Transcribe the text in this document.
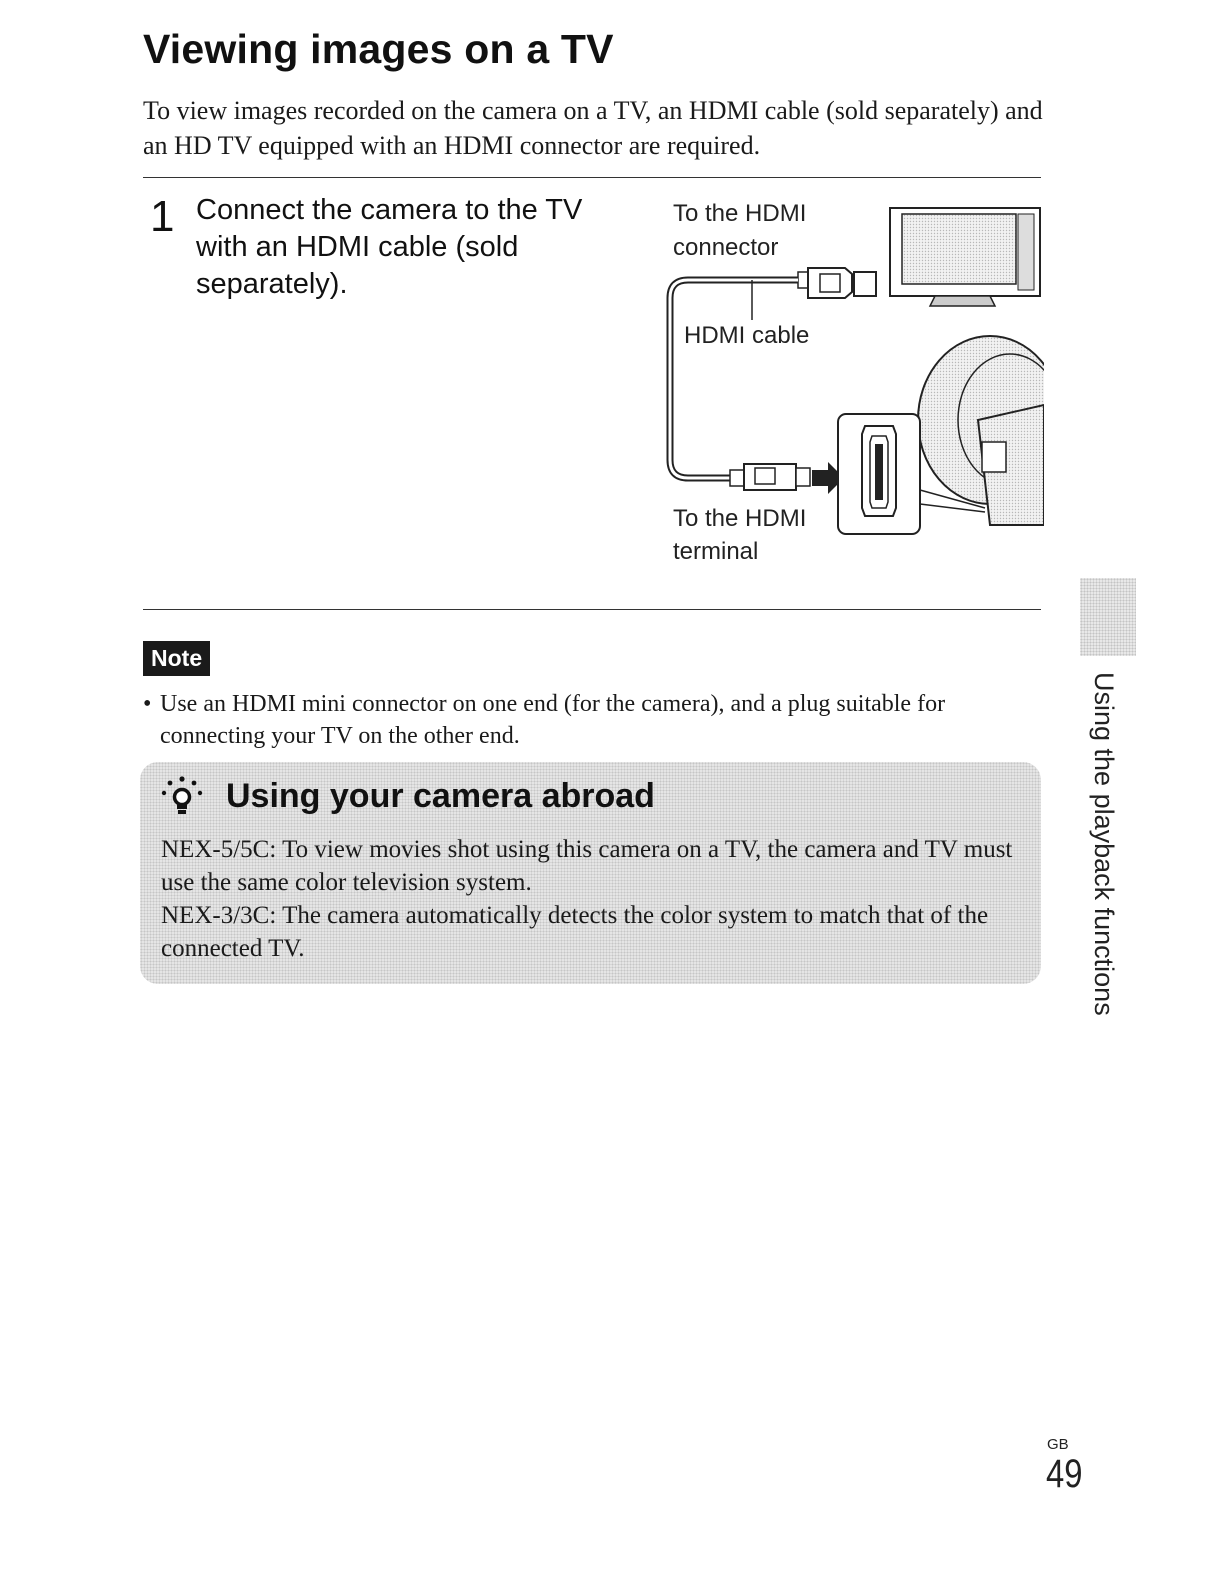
Viewing images on a TV

To view images recorded on the camera on a TV, an HDMI cable (sold separately) and an HD TV equipped with an HDMI connector are required.

1 Connect the camera to the TV with an HDMI cable (sold separately).

To the HDMI

connector

HDMI cable

To the HDMI

terminal

Note
• Use an HDMI mini connector on one end (for the camera), and a plug suitable for connecting your TV on the other end.
Using your camera abroad

NEX-5/5C: To view movies shot using this camera on a TV, the camera and TV must use the same color television system.

NEX-3/3C: The camera automatically detects the color system to match that of the connected TV.	Using the playback functions
GB
49
